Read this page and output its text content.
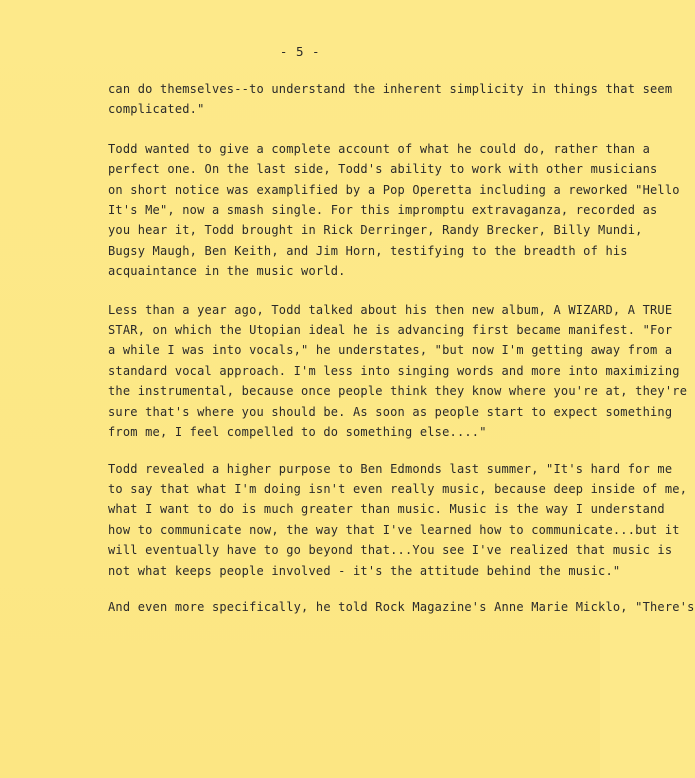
- 5 -
can do themselves--to understand the inherent simplicity in things that seem
complicated."
Todd wanted to give a complete account of what he could do, rather than a
perfect one. On the last side, Todd's ability to work with other musicians
on short notice was examplified by a Pop Operetta including a reworked "Hello
It's Me", now a smash single. For this impromptu extravaganza, recorded as
you hear it, Todd brought in Rick Derringer, Randy Brecker, Billy Mundi,
Bugsy Maugh, Ben Keith, and Jim Horn, testifying to the breadth of his
acquaintance in the music world.
Less than a year ago, Todd talked about his then new album, A WIZARD, A TRUE
STAR, on which the Utopian ideal he is advancing first became manifest. "For
a while I was into vocals," he understates, "but now I'm getting away from a
standard vocal approach. I'm less into singing words and more into maximizing
the instrumental, because once people think they know where you're at, they're
sure that's where you should be. As soon as people start to expect something
from me, I feel compelled to do something else...."
Todd revealed a higher purpose to Ben Edmonds last summer, "It's hard for me
to say that what I'm doing isn't even really music, because deep inside of me,
what I want to do is much greater than music. Music is the way I understand
how to communicate now, the way that I've learned how to communicate...but it
will eventually have to go beyond that...You see I've realized that music is
not what keeps people involved - it's the attitude behind the music."
And even more specifically, he told Rock Magazine's Anne Marie Micklo, "There's
